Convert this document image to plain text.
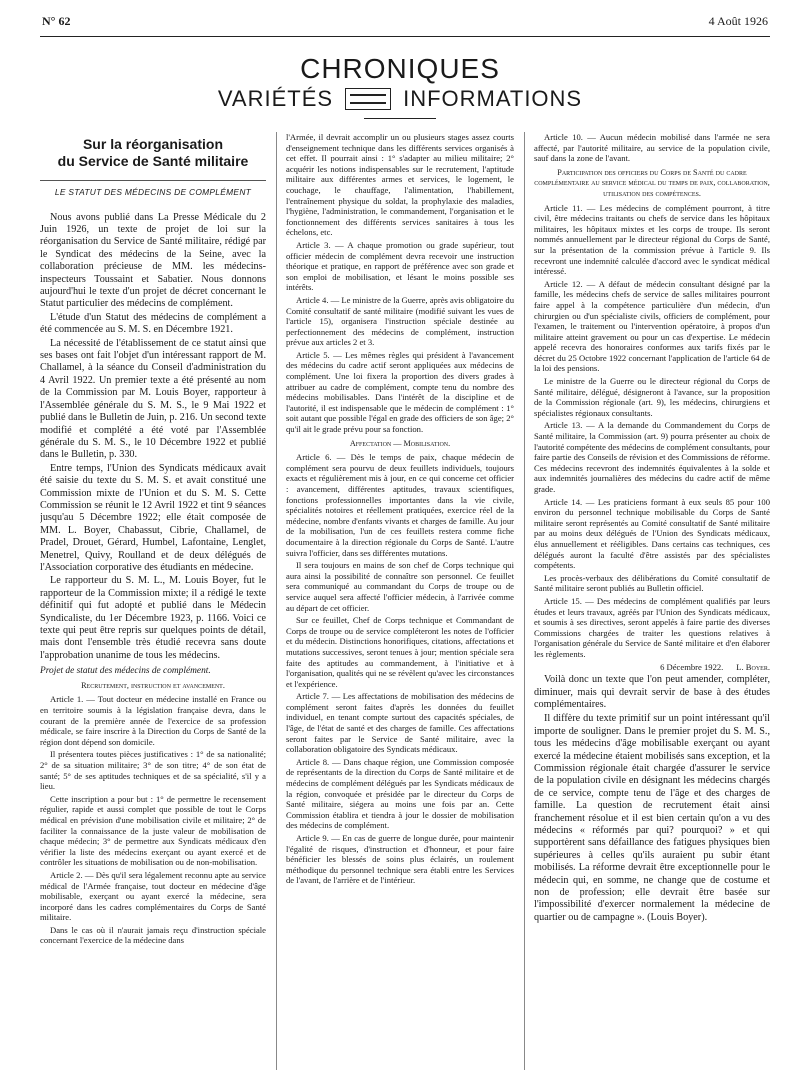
N° 62	4 Août 1926
CHRONIQUES
VARIÉTÉS	INFORMATIONS
Sur la réorganisation
du Service de Santé militaire
LE STATUT DES MÉDECINS DE COMPLÉMENT

Nous avons publié dans La Presse Médicale du 2 Juin 1926, un texte de projet de loi sur la réorganisation du Service de Santé militaire, rédigé par le Syndicat des médecins de la Seine, avec la collaboration précieuse de MM. les médecins-inspecteurs Toussaint et Sabatier. Nous donnons aujourd'hui le texte d'un projet de décret concernant le Statut particulier des médecins de complément.

L'étude d'un Statut des médecins de complément a été commencée au S. M. S. en Décembre 1921.

La nécessité de l'établissement de ce statut ainsi que ses bases ont fait l'objet d'un intéressant rapport de M. Challamel, à la séance du Conseil d'administration du 4 Avril 1922. Un premier texte a été présenté au nom de la Commission par M. Louis Boyer, rapporteur à l'Assemblée générale du S. M. S., le 9 Mai 1922 et publié dans le Bulletin de Juin, p. 216. Un second texte modifié et complété a été voté par l'Assemblée générale du S. M. S., le 10 Décembre 1922 et publié dans le Bulletin, p. 330.

Entre temps, l'Union des Syndicats médicaux avait été saisie du texte du S. M. S. et avait constitué une Commission mixte de l'Union et du S. M. S. Cette Commission se réunit le 12 Avril 1922 et tint 9 séances jusqu'au 5 Décembre 1922; elle était composée de MM. L. Boyer, Chabassut, Cibrie, Challamel, de Pradel, Drouet, Gérard, Humbel, Lafontaine, Lenglet, Menetrel, Quivy, Roulland et de deux délégués de l'Association corporative des étudiants en médecine.

Le rapporteur du S. M. L., M. Louis Boyer, fut le rapporteur de la Commission mixte; il a rédigé le texte définitif qui fut adopté et publié dans le Médecin Syndicaliste, du 1er Décembre 1923, p. 1166. Voici ce texte qui peut être repris sur quelques points de détail, mais dont l'ensemble très étudié recevra sans doute l'approbation unanime de tous les médecins.

Projet de statut des médecins de complément.
Recrutement, instruction et avancement.

Article 1. — Tout docteur en médecine installé en France ou en territoire soumis à la législation française devra, dans le courant de la première année de l'exercice de sa profession médicale, se faire inscrire à la Direction du Corps de Santé de la région dont dépend son domicile.

Il présentera toutes pièces justificatives : 1° de sa nationalité; 2° de sa situation militaire; 3° de son titre; 4° de son état de santé; 5° de ses aptitudes techniques et de sa spécialité, s'il y a lieu.

Cette inscription a pour but : 1° de permettre le recensement régulier, rapide et aussi complet que possible de tout le Corps médical en prévision d'une mobilisation civile et militaire; 2° de faciliter la connaissance de la juste valeur de mobilisation de chaque médecin; 3° de permettre aux Syndicats médicaux d'en vérifier la liste des médecins exerçant ou ayant exercé et de contrôler les situations de mobilisation ou de non-mobilisation.

Article 2. — Dès qu'il sera légalement reconnu apte au service médical de l'Armée française, tout docteur en médecine d'âge mobilisable, exerçant ou ayant exercé la médecine, sera incorporé dans les cadres complémentaires du Corps de Santé militaire.

Dans le cas où il n'aurait jamais reçu d'instruction spéciale concernant l'exercice de la médecine dans

l'Armée, il devrait accomplir un ou plusieurs stages assez courts d'enseignement technique dans les différents services organisés à cet effet. Il pourrait ainsi : 1° s'adapter au milieu militaire; 2° acquérir les notions indispensables sur le recrutement, l'aptitude militaire aux différentes armes et services, le logement, le couchage, le chauffage, l'alimentation, l'habillement, l'entraînement physique du soldat, la prophylaxie des maladies, l'hygiène, l'administration, le commandement, l'organisation et le fonctionnement des différents services sanitaires à tous les échelons, etc.

Article 3. — A chaque promotion ou grade supérieur, tout officier médecin de complément devra recevoir une instruction théorique et pratique, en rapport de préférence avec son grade et son emploi de mobilisation, et lésant le moins possible ses intérêts.

Article 4. — Le ministre de la Guerre, après avis obligatoire du Comité consultatif de santé militaire (modifié suivant les vues de l'article 15), organisera l'instruction spéciale destinée au perfectionnement des médecins de complément, instruction prévue aux articles 2 et 3.

Article 5. — Les mêmes règles qui président à l'avancement des médecins du cadre actif seront appliquées aux médecins de complément. Une loi fixera la proportion des divers grades à attribuer au cadre de complément, compte tenu du nombre des médecins mobilisables. Dans l'intérêt de la discipline et de l'autorité, il est indispensable que le médecin de complément : 1° soit autant que possible l'égal en grade des officiers de son âge; 2° qu'il ait le grade prévu pour sa fonction.

Affectation — Mobilisation.

Article 6. — Dès le temps de paix, chaque médecin de complément sera pourvu de deux feuillets individuels, toujours exacts et régulièrement mis à jour, en ce qui concerne cet officier : avancement, différentes aptitudes, travaux scientifiques, fonctions professionnelles importantes dans la vie civile, spécialités notoires et réellement pratiquées, exercice réel de la médecine, nombre d'enfants vivants et charges de famille. Au jour de la mobilisation, l'un de ces feuillets restera comme fiche documentaire à la direction régionale du Corps de Santé. L'autre suivra l'officier, dans ses différentes mutations.

Il sera toujours en mains de son chef de Corps technique qui aura ainsi la possibilité de connaître son personnel. Ce feuillet sera communiqué au commandant du Corps de troupe ou de service auquel sera affecté l'officier médecin, à l'arrivée comme au départ de cet officier.

Sur ce feuillet, Chef de Corps technique et Commandant de Corps de troupe ou de service compléteront les notes de l'officier et du médecin. Distinctions honorifiques, citations, affectations et mutations successives, seront tenues à jour; mention spéciale sera faite des aptitudes au commandement, à l'initiative et à l'organisation, qualités qui ne se révèlent qu'avec les circonstances et l'expérience.

Article 7. — Les affectations de mobilisation des médecins de complément seront faites d'après les données du feuillet individuel, en tenant compte surtout des capacités spéciales, de l'âge, de l'état de santé et des charges de famille. Ces affectations seront faites par le Service de Santé militaire, avec la collaboration obligatoire des Syndicats médicaux.

Article 8. — Dans chaque région, une Commission composée de représentants de la direction du Corps de Santé militaire et de médecins de complément délégués par les Syndicats médicaux de la région, convoquée et présidée par le directeur du Corps de Santé militaire, siégera au moins une fois par an. Cette Commission établira et tiendra à jour le dossier de mobilisation des médecins de complément.

Article 9. — En cas de guerre de longue durée, pour maintenir l'égalité de risques, d'instruction et d'honneur, et pour faire bénéficier les blessés de soins plus éclairés, un roulement méthodique du personnel technique sera établi entre les Services de l'avant, de l'arrière et de l'intérieur.

Article 10. — Aucun médecin mobilisé dans l'armée ne sera affecté, par l'autorité militaire, au service de la population civile, sauf dans la zone de l'avant.

Participation des officiers du Corps de Santé du cadre complémentaire au service médical du temps de paix, collaboration, utilisation des compétences.

Article 11. — Les médecins de complément pourront, à titre civil, être médecins traitants ou chefs de service dans les hôpitaux militaires, les hôpitaux mixtes et les corps de troupe. Ils seront nommés annuellement par le directeur régional du Corps de Santé, sur la présentation de la commission prévue à l'article 9. Ils recevront une indemnité calculée d'accord avec le syndicat médical intéressé.

Article 12. — A défaut de médecin consultant désigné par la famille, les médecins chefs de service de salles militaires pourront faire appel à la compétence particulière d'un médecin, d'un chirurgien ou d'un spécialiste civils, officiers de complément, pour l'examen, le traitement ou l'intervention opératoire, à propos d'un militaire atteint gravement ou pour un cas d'expertise. Le médecin appelé recevra des honoraires conformes aux tarifs fixés par le décret du 25 Octobre 1922 concernant l'application de l'article 64 de la loi des pensions.

Le ministre de la Guerre ou le directeur régional du Corps de Santé militaire, délégué, désigneront à l'avance, sur la proposition de la Commission régionale (art. 9), les médecins, chirurgiens et spécialistes régionaux consultants.

Article 13. — A la demande du Commandement du Corps de Santé militaire, la Commission (art. 9) pourra présenter au choix de l'autorité compétente des médecins de complément consultants, pour faire partie des Conseils de révision et des Commissions de réforme. Ces médecins recevront des indemnités équivalentes à la solde et aux indemnités journalières des médecins du cadre actif de même grade.

Article 14. — Les praticiens formant à eux seuls 85 pour 100 environ du personnel technique mobilisable du Corps de Santé militaire seront représentés au Comité consultatif de Santé militaire par au moins deux délégués de l'Union des Syndicats médicaux, élus annuellement et rééligibles. Dans certains cas techniques, ces délégués auront la faculté d'être assistés par des spécialistes compétents.

Les procès-verbaux des délibérations du Comité consultatif de Santé militaire seront publiés au Bulletin officiel.

Article 15. — Des médecins de complément qualifiés par leurs études et leurs travaux, agréés par l'Union des Syndicats médicaux, et soumis à ses directives, seront appelés à faire partie des diverses Commissions chargées de traiter les questions relatives à l'organisation générale du Service de Santé militaire et d'en élaborer les règlements.

6 Décembre 1922. L. Boyer.

Voilà donc un texte que l'on peut amender, compléter, diminuer, mais qui devrait servir de base à des études complémentaires.

Il diffère du texte primitif sur un point intéressant qu'il importe de souligner. Dans le premier projet du S. M. S., tous les médecins d'âge mobilisable exerçant ou ayant exercé la médecine étaient mobilisés sans exception, et la Commission régionale était chargée d'assurer le service de la population civile en désignant les médecins chargés de ce service, compte tenu de l'âge et des charges de famille. La question de recrutement était ainsi franchement résolue et il est bien certain qu'on a vu des médecins « réformés par qui? pourquoi? » et qui supportèrent sans défaillance des fatigues physiques bien supérieures à celles qu'ils auraient pu subir étant mobilisés. La réforme devrait être exceptionnelle pour le médecin qui, en somme, ne change que de costume et non de profession; elle devrait être basée sur l'impossibilité d'exercer normalement la médecine de quartier ou de campagne ». (Louis Boyer).
